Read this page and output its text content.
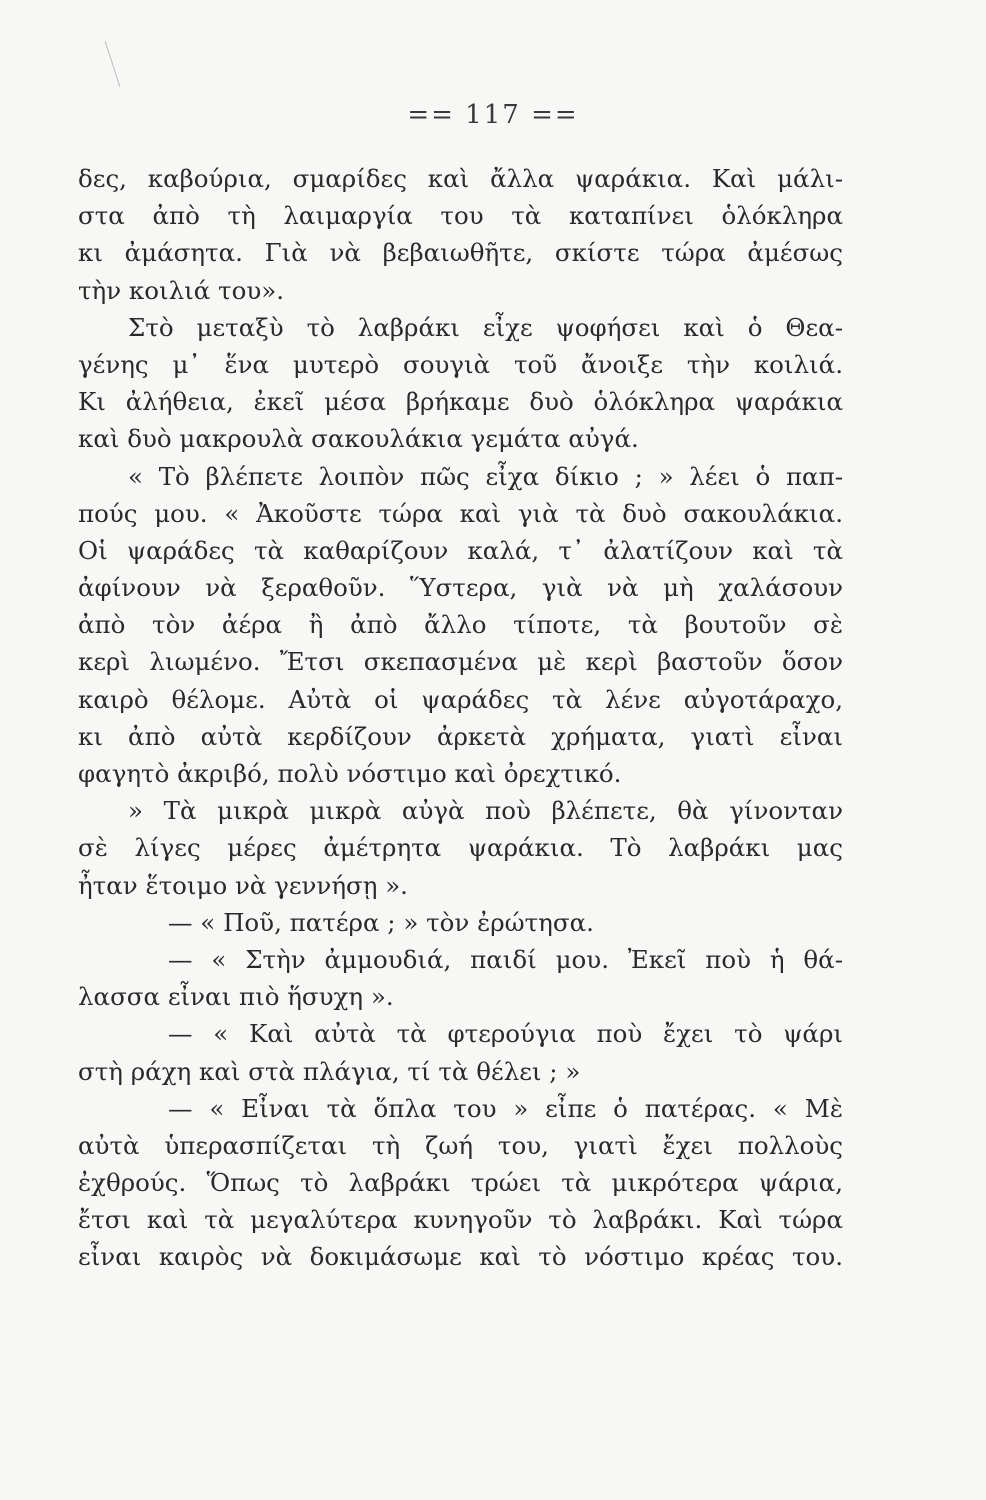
== 117 ==
δες, καβούρια, σμαρίδες καὶ ἄλλα ψαράκια. Καὶ μάλι-
στα ἀπὸ τὴ λαιμαργία του τὰ καταπίνει ὁλόκληρα
κι ἀμάσητα. Γιὰ νὰ βεβαιωθῆτε, σκίστε τώρα ἀμέσως
τὴν κοιλιά του».
Στὸ μεταξὺ τὸ λαβράκι εἶχε ψοφήσει καὶ ὁ Θεα-
γένης μ᾽ ἕνα μυτερὸ σουγιὰ τοῦ ἄνοιξε τὴν κοιλιά.
Κι ἀλήθεια, ἐκεῖ μέσα βρήκαμε δυὸ ὁλόκληρα ψαράκια
καὶ δυὸ μακρουλὰ σακουλάκια γεμάτα αὐγά.
« Τὸ βλέπετε λοιπὸν πῶς εἶχα δίκιο ; » λέει ὁ παπ-
πούς μου. « Ἀκοῦστε τώρα καὶ γιὰ τὰ δυὸ σακουλάκια.
Οἱ ψαράδες τὰ καθαρίζουν καλά, τ᾽ ἀλατίζουν καὶ τὰ
ἀφίνουν νὰ ξεραθοῦν. Ὕστερα, γιὰ νὰ μὴ χαλάσουν
ἀπὸ τὸν ἀέρα ἢ ἀπὸ ἄλλο τίποτε, τὰ βουτοῦν σὲ
κερὶ λιωμένο. Ἔτσι σκεπασμένα μὲ κερὶ βαστοῦν ὅσον
καιρὸ θέλομε. Αὐτὰ οἱ ψαράδες τὰ λένε αὐγοτάραχο,
κι ἀπὸ αὐτὰ κερδίζουν ἀρκετὰ χρήματα, γιατὶ εἶναι
φαγητὸ ἀκριβό, πολὺ νόστιμο καὶ ὀρεχτικό.
» Τὰ μικρὰ μικρὰ αὐγὰ ποὺ βλέπετε, θὰ γίνονταν
σὲ λίγες μέρες ἀμέτρητα ψαράκια. Τὸ λαβράκι μας
ἦταν ἕτοιμο νὰ γεννήσῃ ».
— « Ποῦ, πατέρα ; » τὸν ἐρώτησα.
— « Στὴν ἀμμουδιά, παιδί μου. Ἐκεῖ ποὺ ἡ θά-
λασσα εἶναι πιὸ ἥσυχη ».
— « Καὶ αὐτὰ τὰ φτερούγια ποὺ ἔχει τὸ ψάρι
στὴ ράχη καὶ στὰ πλάγια, τί τὰ θέλει ; »
— « Εἶναι τὰ ὅπλα του » εἶπε ὁ πατέρας. « Μὲ
αὐτὰ ὑπερασπίζεται τὴ ζωή του, γιατὶ ἔχει πολλοὺς
ἐχθρούς. Ὅπως τὸ λαβράκι τρώει τὰ μικρότερα ψάρια,
ἔτσι καὶ τὰ μεγαλύτερα κυνηγοῦν τὸ λαβράκι. Καὶ τώρα
εἶναι καιρὸς νὰ δοκιμάσωμε καὶ τὸ νόστιμο κρέας του.
